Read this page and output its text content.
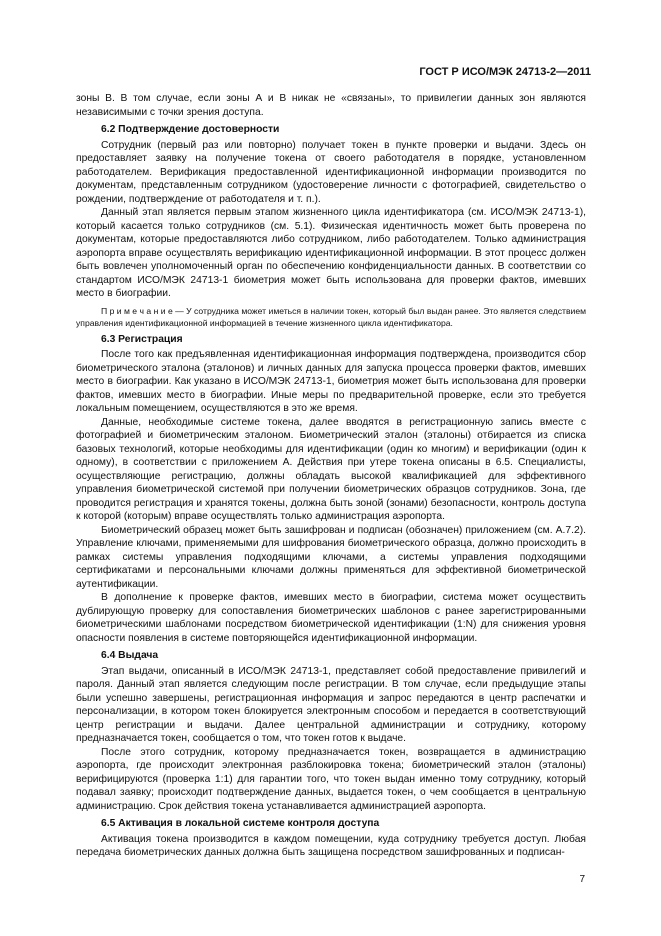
ГОСТ Р ИСО/МЭК 24713-2—2011

зоны В. В том случае, если зоны А и В никак не «связаны», то привилегии данных зон являются независимыми с точки зрения доступа.

6.2 Подтверждение достоверности

Сотрудник (первый раз или повторно) получает токен в пункте проверки и выдачи. Здесь он предоставляет заявку на получение токена от своего работодателя в порядке, установленном работодателем. Верификация предоставленной идентификационной информации производится по документам, представленным сотрудником (удостоверение личности с фотографией, свидетельство о рождении, подтверждение от работодателя и т. п.).

Данный этап является первым этапом жизненного цикла идентификатора (см. ИСО/МЭК 24713-1), который касается только сотрудников (см. 5.1). Физическая идентичность может быть проверена по документам, которые предоставляются либо сотрудником, либо работодателем. Только администрация аэропорта вправе осуществлять верификацию идентификационной информации. В этот процесс должен быть вовлечен уполномоченный орган по обеспечению конфиденциальности данных. В соответствии со стандартом ИСО/МЭК 24713-1 биометрия может быть использована для проверки фактов, имевших место в биографии.

П р и м е ч а н и е — У сотрудника может иметься в наличии токен, который был выдан ранее. Это является следствием управления идентификационной информацией в течение жизненного цикла идентификатора.

6.3 Регистрация

После того как предъявленная идентификационная информация подтверждена, производится сбор биометрического эталона (эталонов) и личных данных для запуска процесса проверки фактов, имевших место в биографии. Как указано в ИСО/МЭК 24713-1, биометрия может быть использована для проверки фактов, имевших место в биографии. Иные меры по предварительной проверке, если это требуется локальным помещением, осуществляются в это же время.

Данные, необходимые системе токена, далее вводятся в регистрационную запись вместе с фотографией и биометрическим эталоном. Биометрический эталон (эталоны) отбирается из списка базовых технологий, которые необходимы для идентификации (один ко многим) и верификации (один к одному), в соответствии с приложением А. Действия при утере токена описаны в 6.5. Специалисты, осуществляющие регистрацию, должны обладать высокой квалификацией для эффективного управления биометрической системой при получении биометрических образцов сотрудников. Зона, где проводится регистрация и хранятся токены, должна быть зоной (зонами) безопасности, контроль доступа к которой (которым) вправе осуществлять только администрация аэропорта.

Биометрический образец может быть зашифрован и подписан (обозначен) приложением (см. А.7.2). Управление ключами, применяемыми для шифрования биометрического образца, должно происходить в рамках системы управления подходящими ключами, а системы управления подходящими сертификатами и персональными ключами должны применяться для эффективной биометрической аутентификации.

В дополнение к проверке фактов, имевших место в биографии, система может осуществить дублирующую проверку для сопоставления биометрических шаблонов с ранее зарегистрированными биометрическими шаблонами посредством биометрической идентификации (1:N) для снижения уровня опасности появления в системе повторяющейся идентификационной информации.

6.4 Выдача

Этап выдачи, описанный в ИСО/МЭК 24713-1, представляет собой предоставление привилегий и пароля. Данный этап является следующим после регистрации. В том случае, если предыдущие этапы были успешно завершены, регистрационная информация и запрос передаются в центр распечатки и персонализации, в котором токен блокируется электронным способом и передается в соответствующий центр регистрации и выдачи. Далее центральной администрации и сотруднику, которому предназначается токен, сообщается о том, что токен готов к выдаче.

После этого сотрудник, которому предназначается токен, возвращается в администрацию аэропорта, где происходит электронная разблокировка токена; биометрический эталон (эталоны) верифицируются (проверка 1:1) для гарантии того, что токен выдан именно тому сотруднику, который подавал заявку; происходит подтверждение данных, выдается токен, о чем сообщается в центральную администрацию. Срок действия токена устанавливается администрацией аэропорта.

6.5 Активация в локальной системе контроля доступа

Активация токена производится в каждом помещении, куда сотруднику требуется доступ. Любая передача биометрических данных должна быть защищена посредством зашифрованных и подписан-

7
